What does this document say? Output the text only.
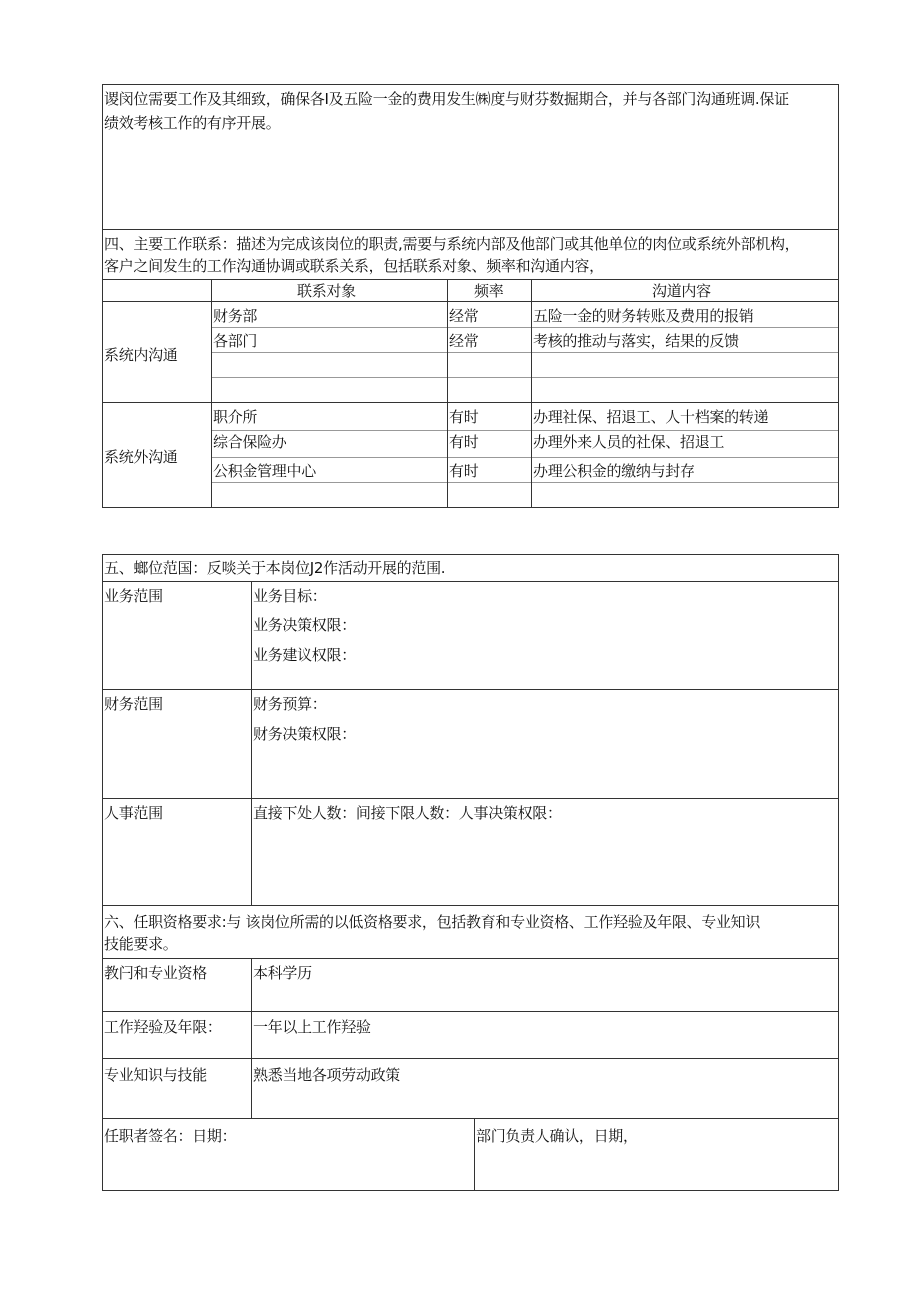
谡闵位需要工作及其细致，确保各I及五险一金的费用发生㈱度与财芬数掘期合，并与各部门沟通班调.保证
绩效考核工作的有序开展。
四、主要工作联系：描述为完成该岗位的职责,需要与系统内部及他部门或其他单位的肉位或系统外部机构，
客户之间发生的工作沟通协调或联系关系，包括联系对象、频率和沟通内容，
联系对象	频率	沟道内容
系统内沟通
财务部	经常	五险一金的财务转账及费用的报销
各部门	经常	考核的推动与落实，结果的反馈
系统外沟通
职介所	有时	办理社保、招退工、人十档案的转递
综合保险办	有时	办理外来人员的社保、招退工
公积金管理中心	有时	办理公积金的缴纳与封存
五、螂位范国：反啖关于本岗位J2作活动开展的范围.
业务范围	业务目标：
业务决策权限：
业务建议权限：
财务范围	财务预算：
财务决策权限：
人事范围	直接下处人数：间接下限人数：人事决策权限：
六、任职资格要求:与 该岗位所需的以低资格要求，包括教育和专业资格、工作羟验及年限、专业知识
技能要求。
教闩和专业资格	本科学历
工作羟验及年限： 一年以上工作羟验
专业知识与技能	熟悉当地各项劳动政策
任职者签名：日期：	部门负责人确认，日期，
